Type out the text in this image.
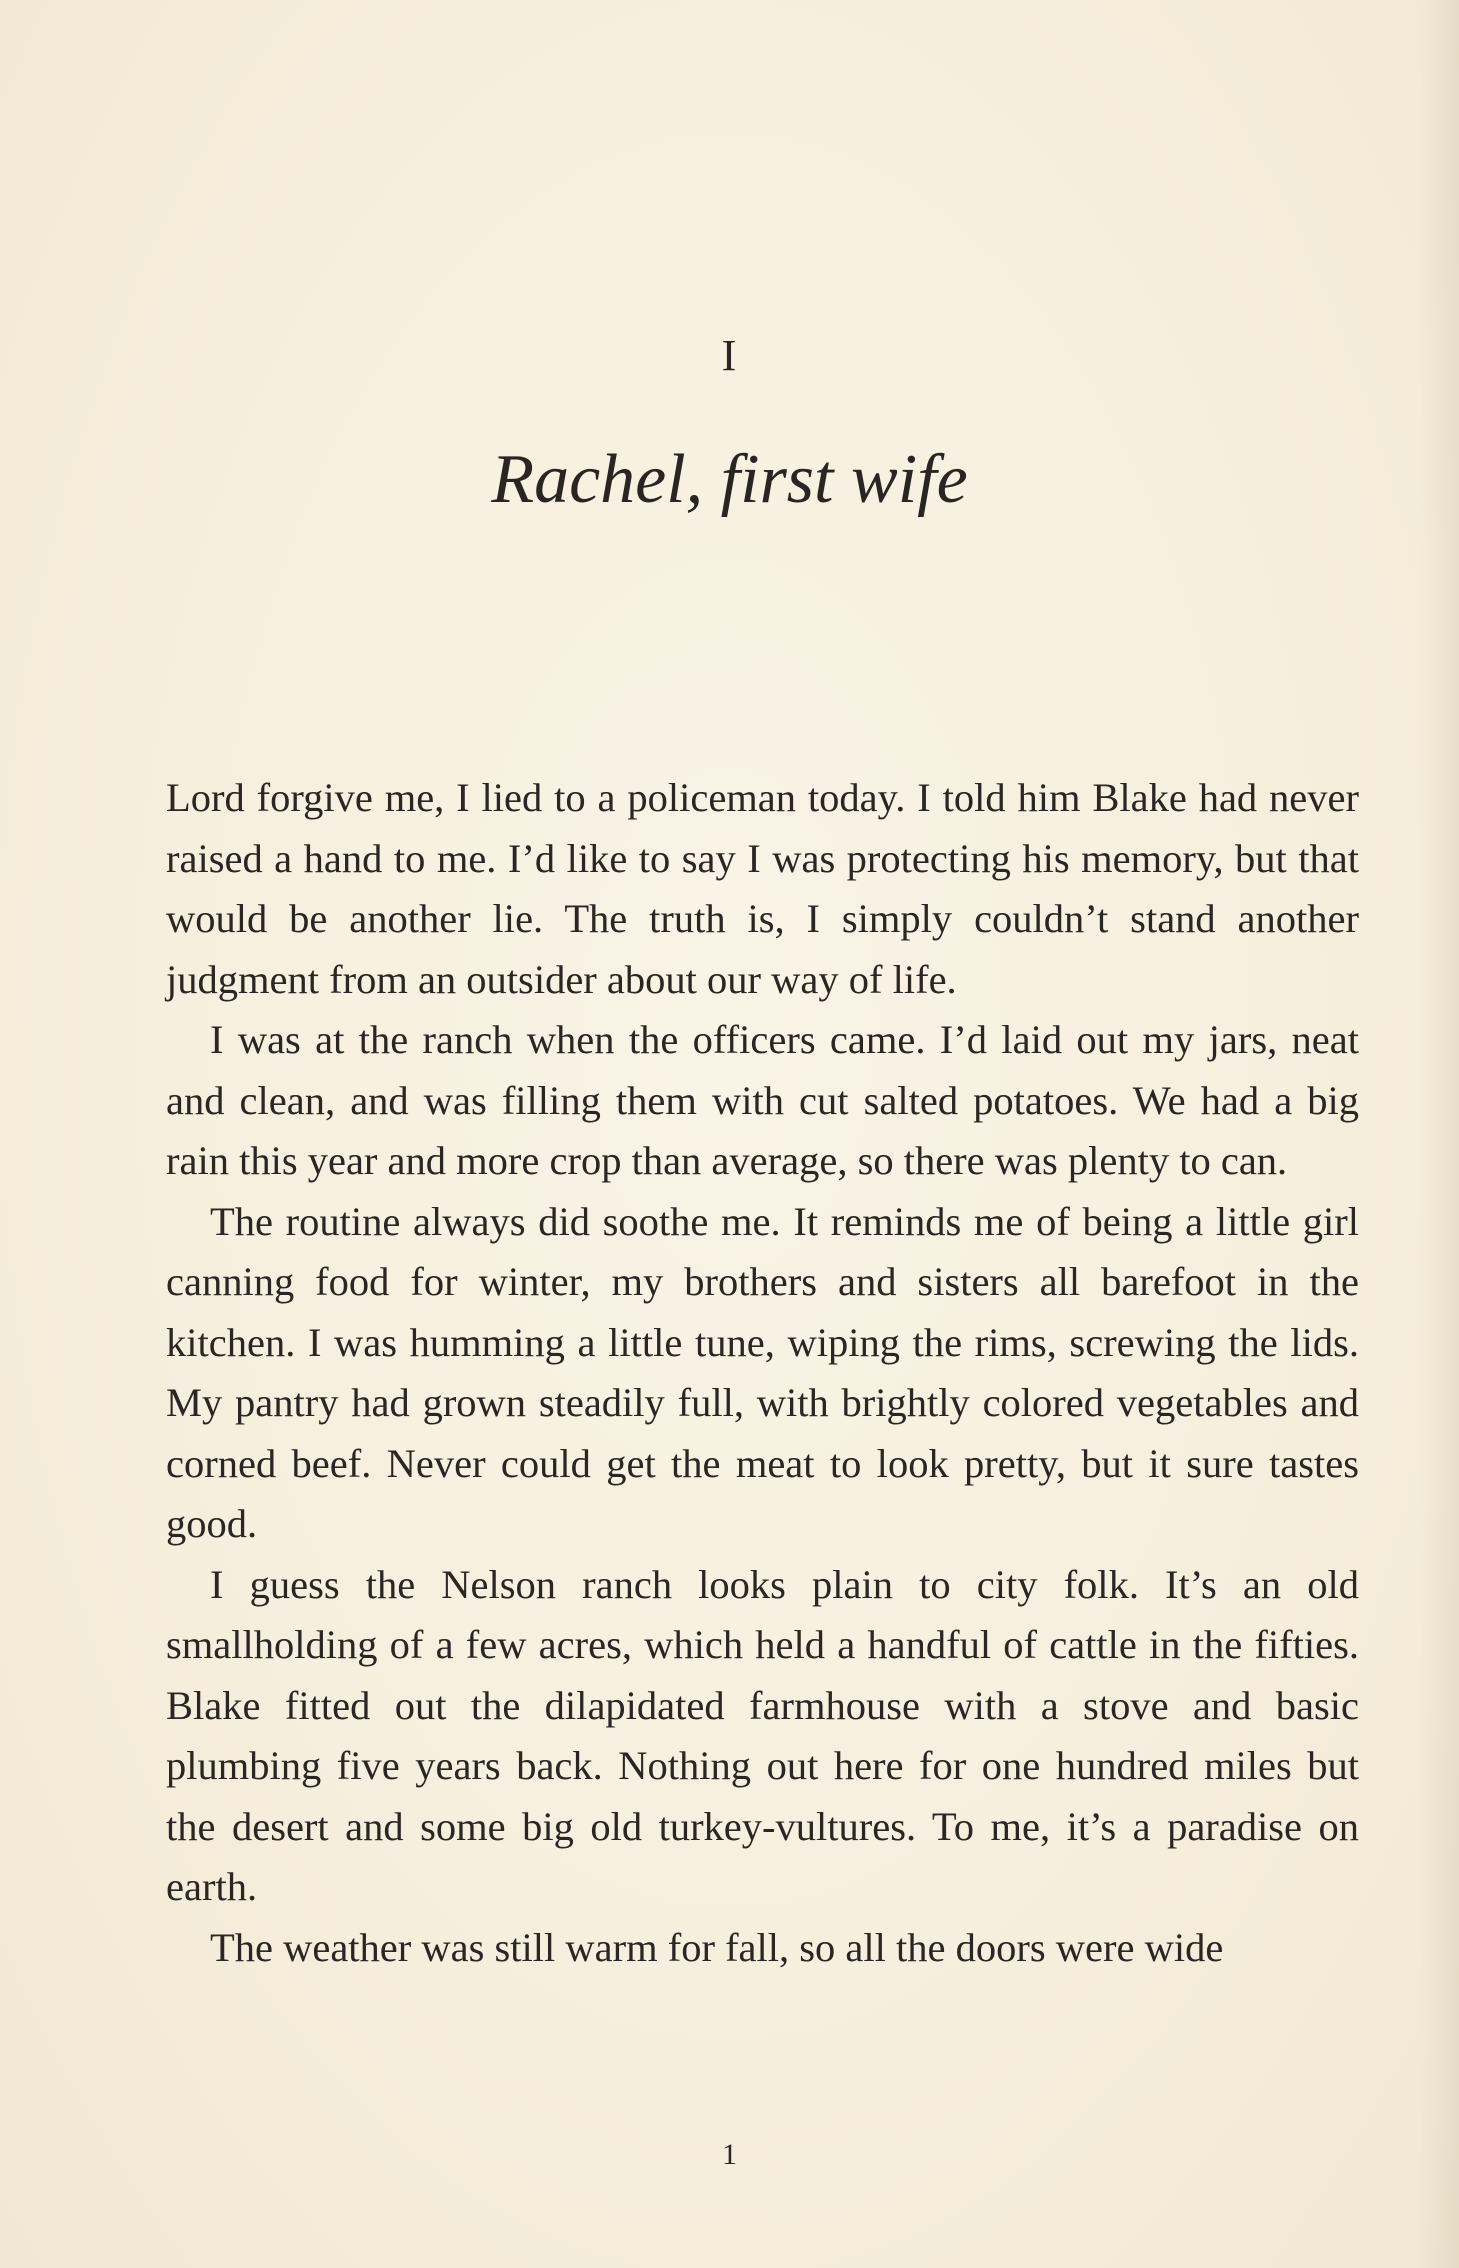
I
Rachel, first wife

Lord forgive me, I lied to a policeman today. I told him Blake had never raised a hand to me. I’d like to say I was protecting his memory, but that would be another lie. The truth is, I simply couldn’t stand another judgment from an outsider about our way of life.

I was at the ranch when the officers came. I’d laid out my jars, neat and clean, and was filling them with cut salted potatoes. We had a big rain this year and more crop than average, so there was plenty to can.

The routine always did soothe me. It reminds me of being a little girl canning food for winter, my brothers and sisters all barefoot in the kitchen. I was humming a little tune, wiping the rims, screwing the lids. My pantry had grown steadily full, with brightly colored vegetables and corned beef. Never could get the meat to look pretty, but it sure tastes good.

I guess the Nelson ranch looks plain to city folk. It’s an old smallholding of a few acres, which held a handful of cattle in the fifties. Blake fitted out the dilapidated farmhouse with a stove and basic plumbing five years back. Nothing out here for one hundred miles but the desert and some big old turkey-vultures. To me, it’s a paradise on earth.

The weather was still warm for fall, so all the doors were wide

1
